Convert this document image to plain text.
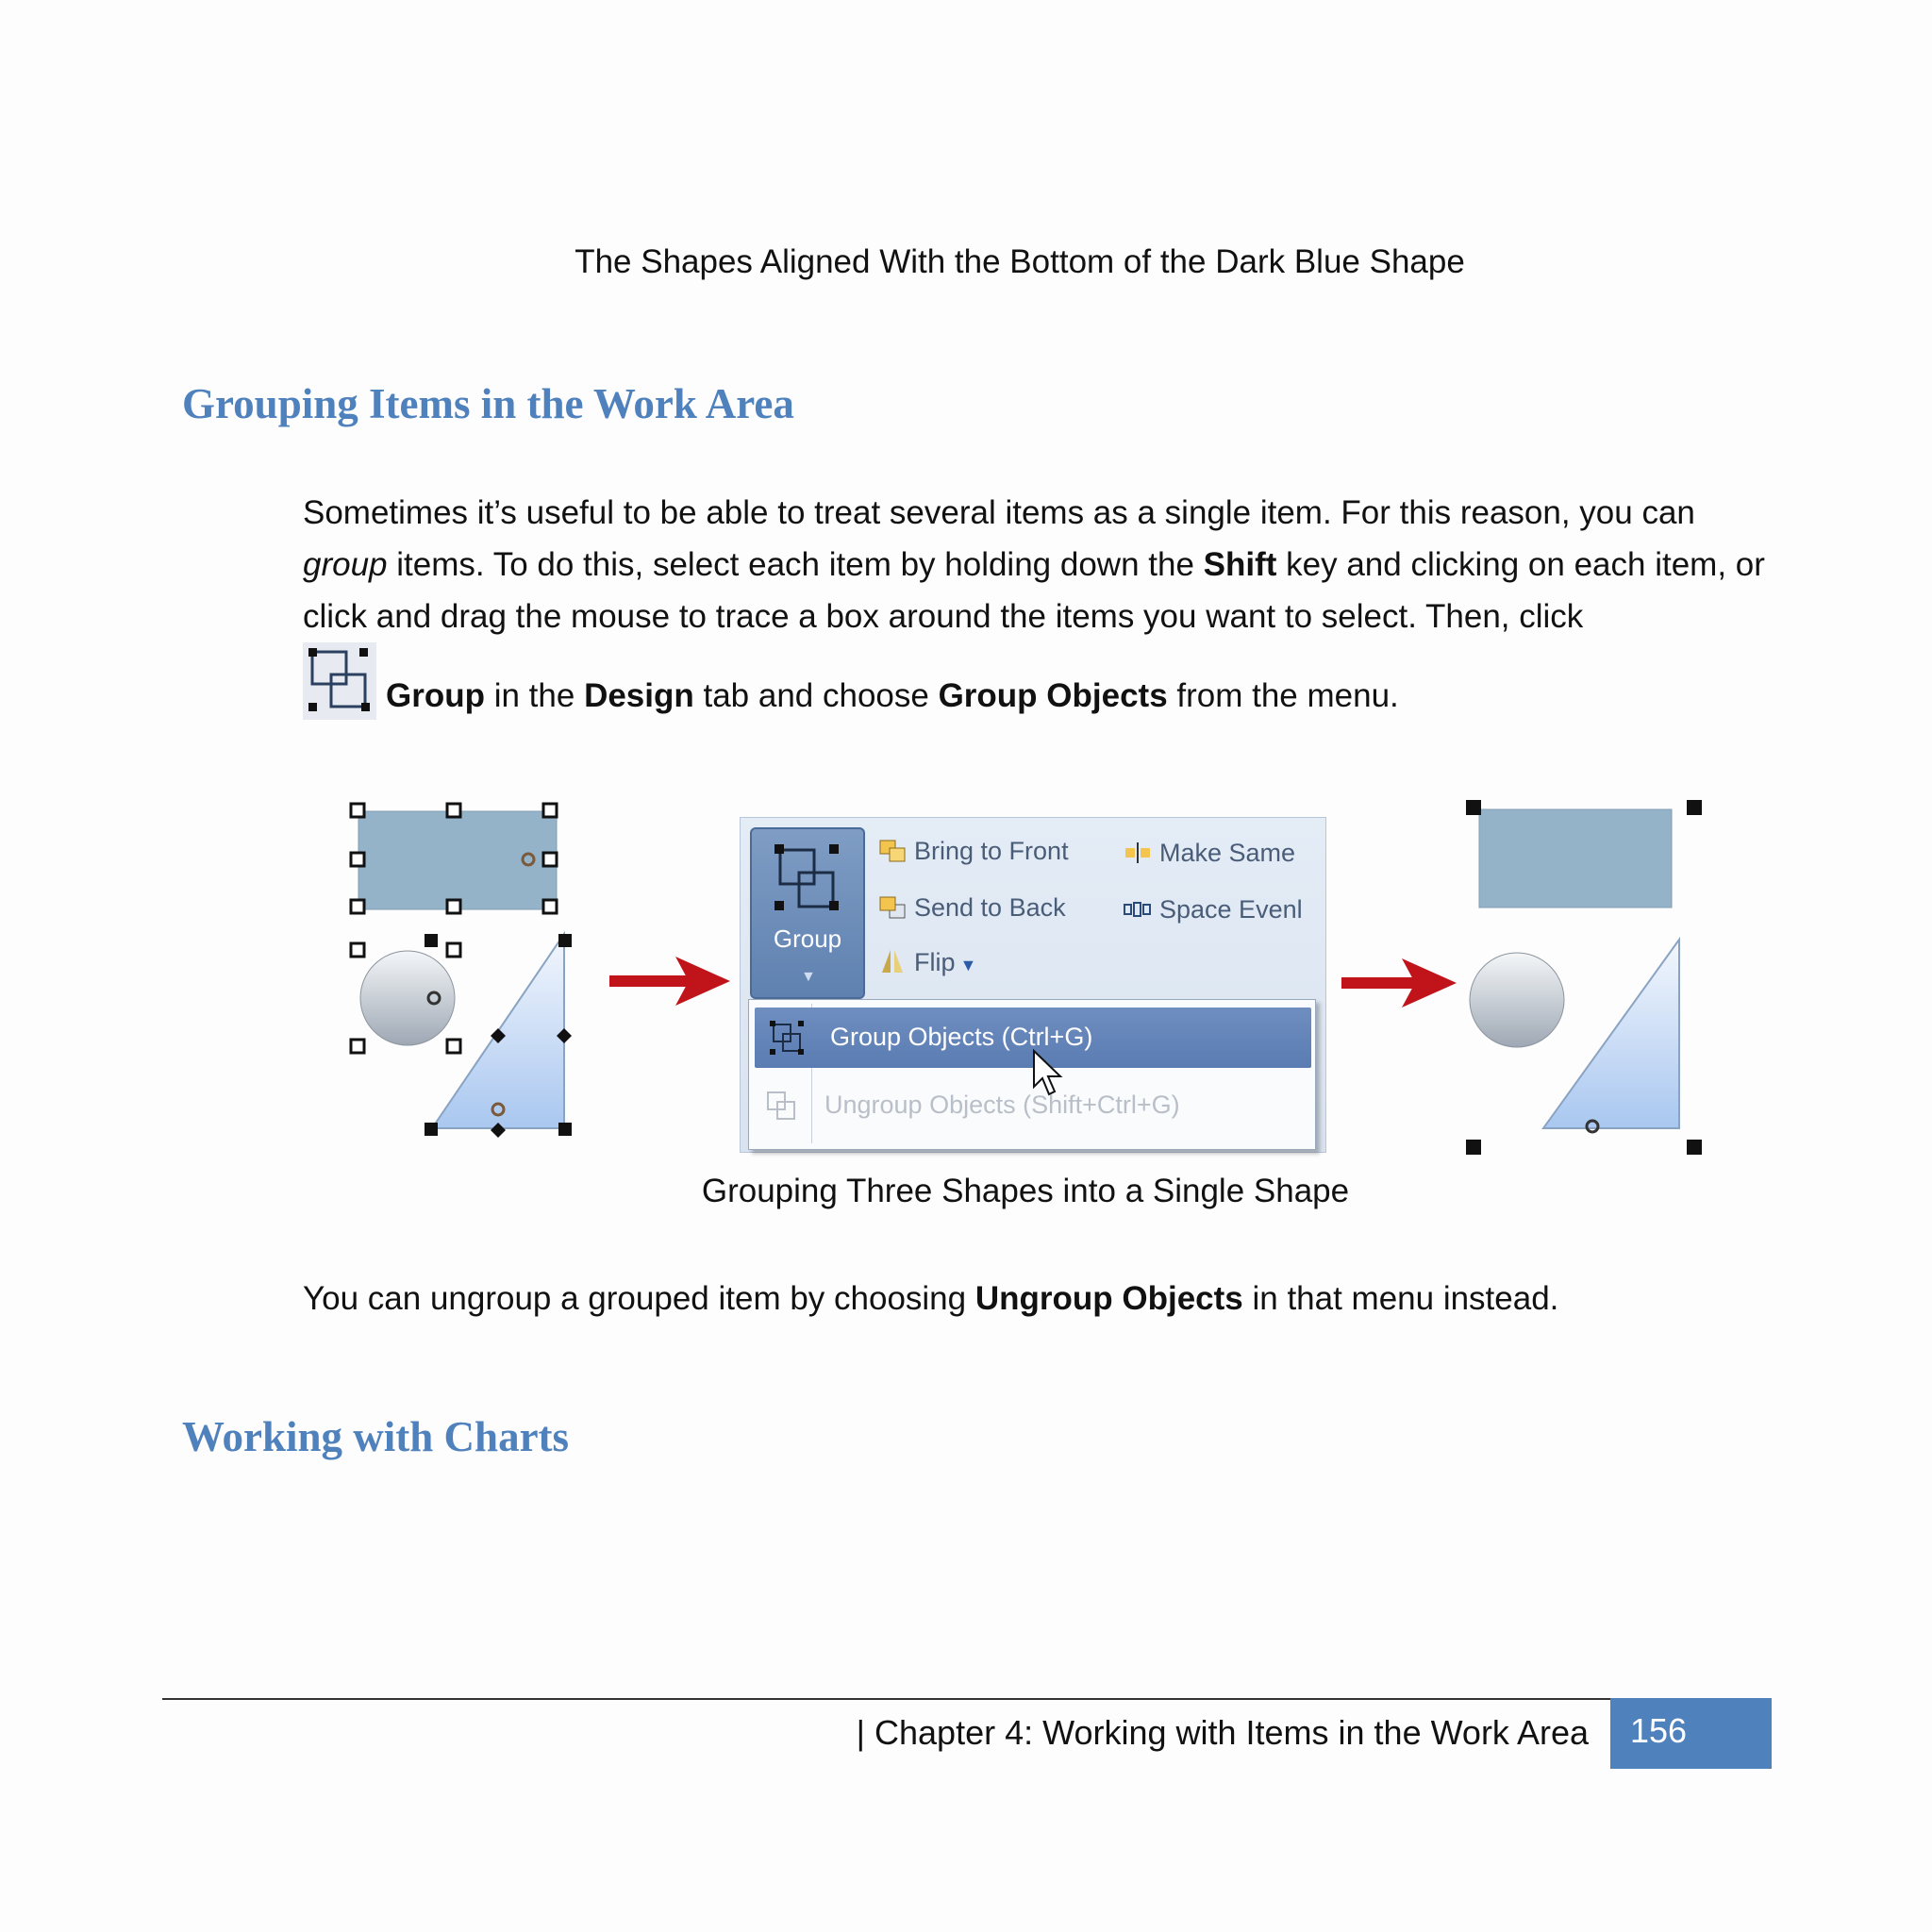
The Shapes Aligned With the Bottom of the Dark Blue Shape
Grouping Items in the Work Area
Sometimes it’s useful to be able to treat several items as a single item. For this reason, you can group items. To do this, select each item by holding down the Shift key and clicking on each item, or click and drag the mouse to trace a box around the items you want to select. Then, click
Group in the Design tab and choose Group Objects from the menu.
Group
▼
Bring to Front
Send to Back
Flip ▼
Make Same
Space Evenl
Group Objects (Ctrl+G)
Ungroup Objects (Shift+Ctrl+G)
Grouping Three Shapes into a Single Shape
You can ungroup a grouped item by choosing Ungroup Objects in that menu instead.
Working with Charts
| Chapter 4: Working with Items in the Work Area 156
